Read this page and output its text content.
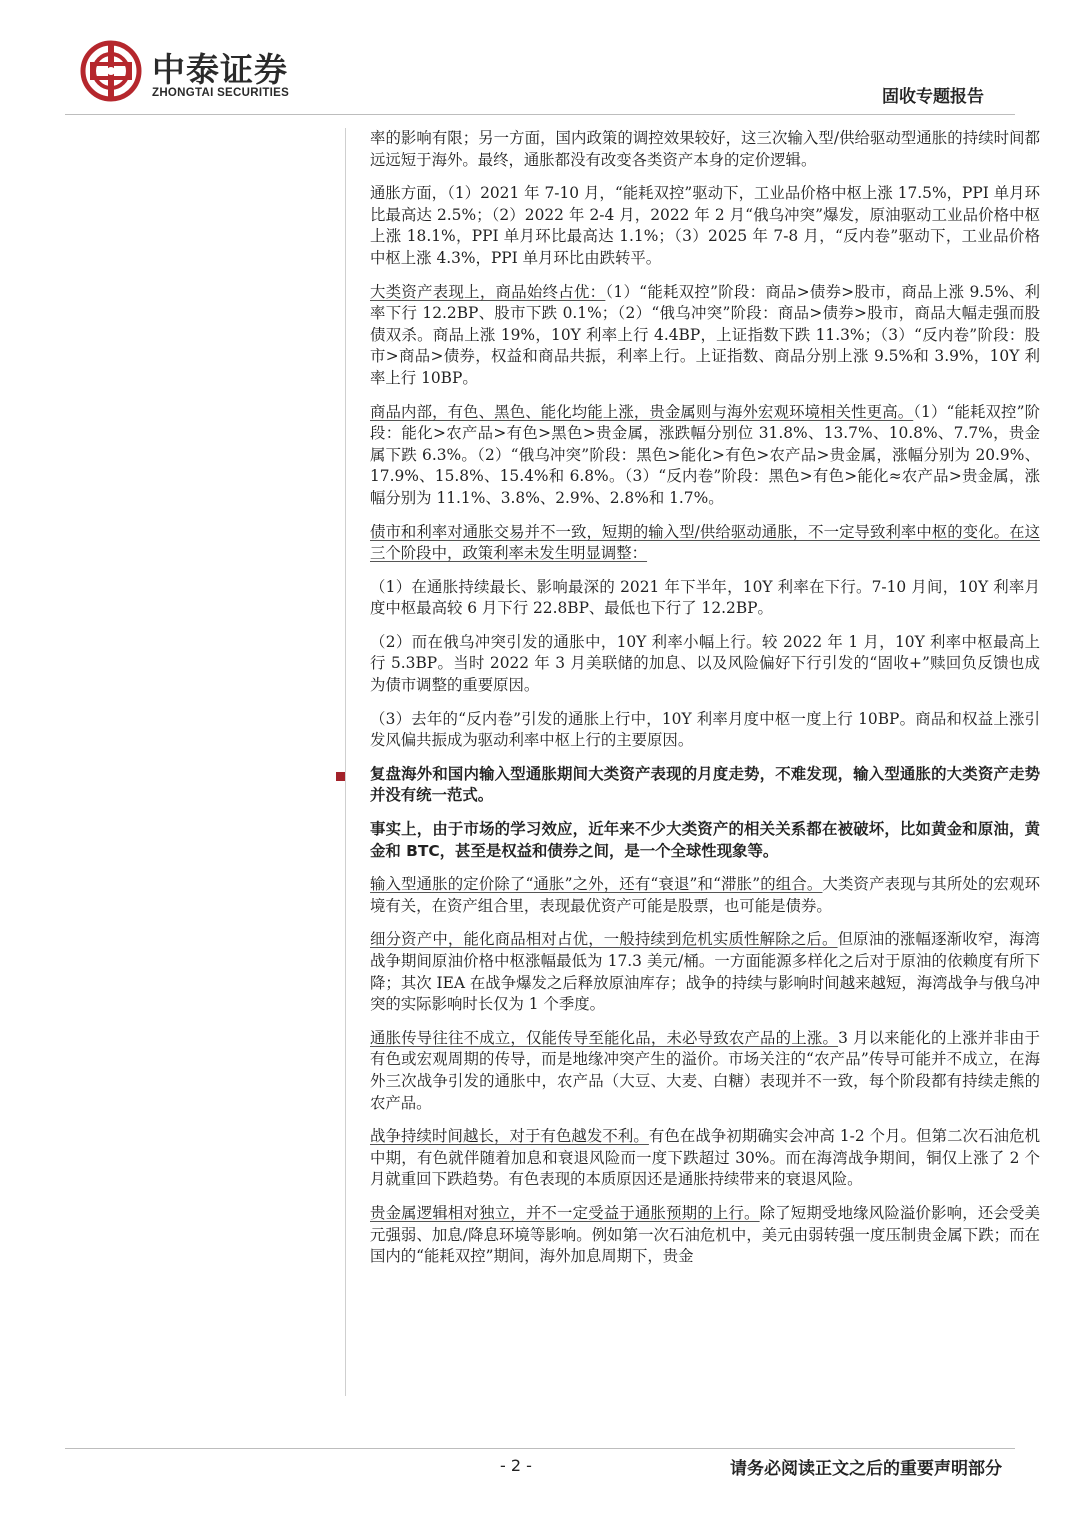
中泰证券
ZHONGTAI SECURITIES	固收专题报告

率的影响有限；另一方面，国内政策的调控效果较好，这三次输入型/供给驱动型通胀的持续时间都远远短于海外。最终，通胀都没有改变各类资产本身的定价逻辑。

通胀方面，（1）2021 年 7-10 月，“能耗双控”驱动下，工业品价格中枢上涨 17.5%，PPI 单月环比最高达 2.5%；（2）2022 年 2-4 月，2022 年 2 月“俄乌冲突”爆发，原油驱动工业品价格中枢上涨 18.1%，PPI 单月环比最高达 1.1%；（3）2025 年 7-8 月，“反内卷”驱动下，工业品价格中枢上涨 4.3%，PPI 单月环比由跌转平。

大类资产表现上，商品始终占优：（1）“能耗双控”阶段：商品>债券>股市，商品上涨 9.5%、利率下行 12.2BP、股市下跌 0.1%；（2）“俄乌冲突”阶段：商品>债券>股市，商品大幅走强而股债双杀。商品上涨 19%，10Y 利率上行 4.4BP，上证指数下跌 11.3%；（3）“反内卷”阶段：股市>商品>债券，权益和商品共振，利率上行。上证指数、商品分别上涨 9.5%和 3.9%，10Y 利率上行 10BP。

商品内部，有色、黑色、能化均能上涨，贵金属则与海外宏观环境相关性更高。（1）“能耗双控”阶段：能化>农产品>有色>黑色>贵金属，涨跌幅分别位 31.8%、13.7%、10.8%、7.7%，贵金属下跌 6.3%。（2）“俄乌冲突”阶段：黑色>能化>有色>农产品>贵金属，涨幅分别为 20.9%、17.9%、15.8%、15.4%和 6.8%。（3）“反内卷”阶段：黑色>有色>能化≈农产品>贵金属，涨幅分别为 11.1%、3.8%、2.9%、2.8%和 1.7%。

债市和利率对通胀交易并不一致，短期的输入型/供给驱动通胀，不一定导致利率中枢的变化。在这三个阶段中，政策利率未发生明显调整：

（1）在通胀持续最长、影响最深的 2021 年下半年，10Y 利率在下行。7-10 月间，10Y 利率月度中枢最高较 6 月下行 22.8BP、最低也下行了 12.2BP。

（2）而在俄乌冲突引发的通胀中，10Y 利率小幅上行。较 2022 年 1 月，10Y 利率中枢最高上行 5.3BP。当时 2022 年 3 月美联储的加息、以及风险偏好下行引发的“固收+”赎回负反馈也成为债市调整的重要原因。

（3）去年的“反内卷”引发的通胀上行中，10Y 利率月度中枢一度上行 10BP。商品和权益上涨引发风偏共振成为驱动利率中枢上行的主要原因。

复盘海外和国内输入型通胀期间大类资产表现的月度走势，不难发现，输入型通胀的大类资产走势并没有统一范式。

事实上，由于市场的学习效应，近年来不少大类资产的相关关系都在被破坏，比如黄金和原油，黄金和 BTC，甚至是权益和债券之间，是一个全球性现象等。

输入型通胀的定价除了“通胀”之外，还有“衰退”和“滞胀”的组合。大类资产表现与其所处的宏观环境有关，在资产组合里，表现最优资产可能是股票，也可能是债券。

细分资产中，能化商品相对占优，一般持续到危机实质性解除之后。但原油的涨幅逐渐收窄，海湾战争期间原油价格中枢涨幅最低为 17.3 美元/桶。一方面能源多样化之后对于原油的依赖度有所下降；其次 IEA 在战争爆发之后释放原油库存；战争的持续与影响时间越来越短，海湾战争与俄乌冲突的实际影响时长仅为 1 个季度。

通胀传导往往不成立，仅能传导至能化品，未必导致农产品的上涨。3 月以来能化的上涨并非由于有色或宏观周期的传导，而是地缘冲突产生的溢价。市场关注的“农产品”传导可能并不成立，在海外三次战争引发的通胀中，农产品（大豆、大麦、白糖）表现并不一致，每个阶段都有持续走熊的农产品。

战争持续时间越长，对于有色越发不利。有色在战争初期确实会冲高 1-2 个月。但第二次石油危机中期，有色就伴随着加息和衰退风险而一度下跌超过 30%。而在海湾战争期间，铜仅上涨了 2 个月就重回下跌趋势。有色表现的本质原因还是通胀持续带来的衰退风险。

贵金属逻辑相对独立，并不一定受益于通胀预期的上行。除了短期受地缘风险溢价影响，还会受美元强弱、加息/降息环境等影响。例如第一次石油危机中，美元由弱转强一度压制贵金属下跌；而在国内的“能耗双控”期间，海外加息周期下，贵金

- 2 -	请务必阅读正文之后的重要声明部分
